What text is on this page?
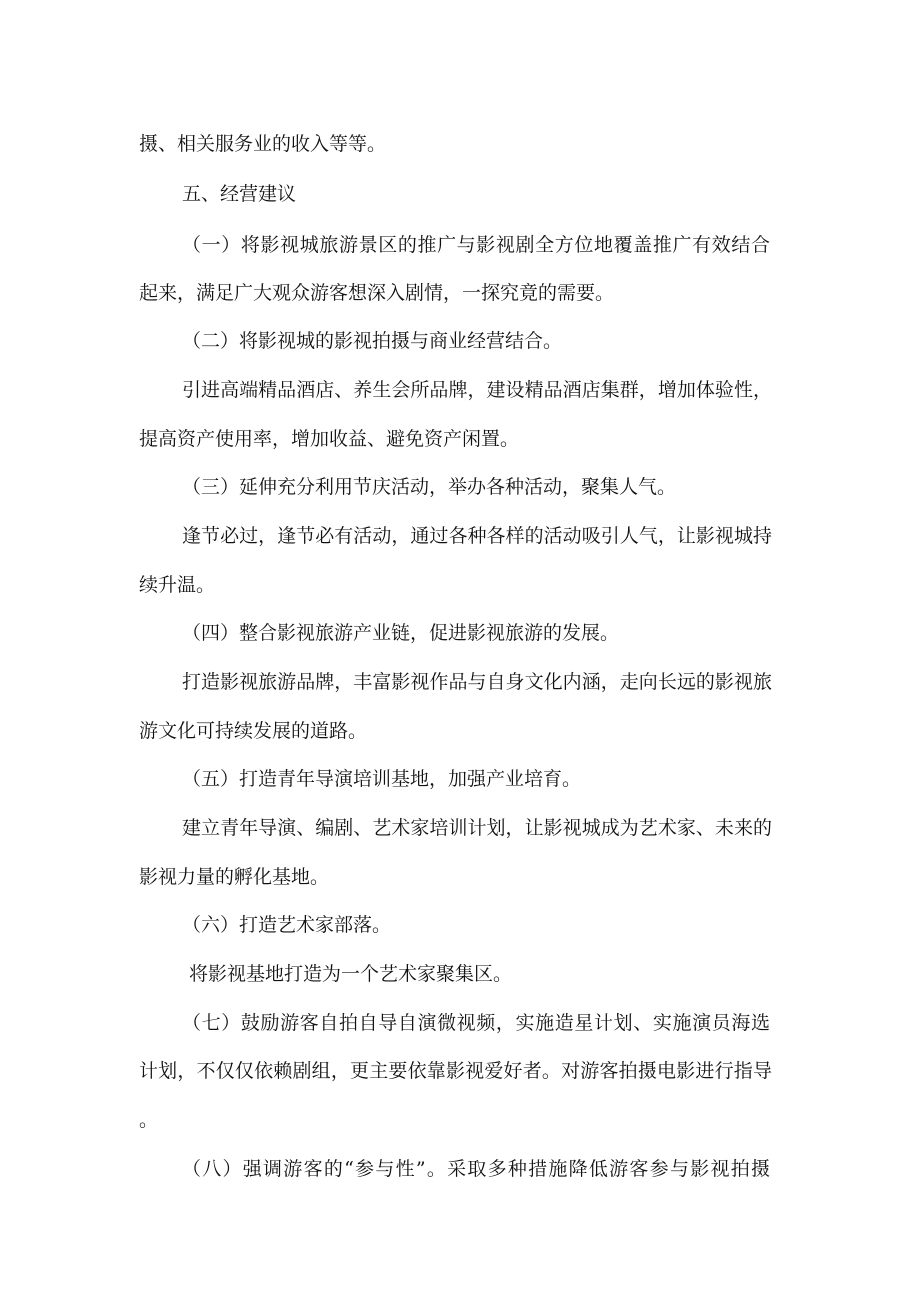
摄、相关服务业的收入等等。

五、经营建议

（一）将影视城旅游景区的推广与影视剧全方位地覆盖推广有效结合

起来，满足广大观众游客想深入剧情，一探究竟的需要。

（二）将影视城的影视拍摄与商业经营结合。

引进高端精品酒店、养生会所品牌，建设精品酒店集群，增加体验性，

提高资产使用率，增加收益、避免资产闲置。

（三）延伸充分利用节庆活动，举办各种活动，聚集人气。

逢节必过，逢节必有活动，通过各种各样的活动吸引人气，让影视城持

续升温。

（四）整合影视旅游产业链，促进影视旅游的发展。

打造影视旅游品牌，丰富影视作品与自身文化内涵，走向长远的影视旅

游文化可持续发展的道路。

（五）打造青年导演培训基地，加强产业培育。

建立青年导演、编剧、艺术家培训计划，让影视城成为艺术家、未来的

影视力量的孵化基地。

（六）打造艺术家部落。

将影视基地打造为一个艺术家聚集区。

（七）鼓励游客自拍自导自演微视频，实施造星计划、实施演员海选

计划，不仅仅依赖剧组，更主要依靠影视爱好者。对游客拍摄电影进行指导

。

（八）强调游客的“参与性”。采取多种措施降低游客参与影视拍摄
